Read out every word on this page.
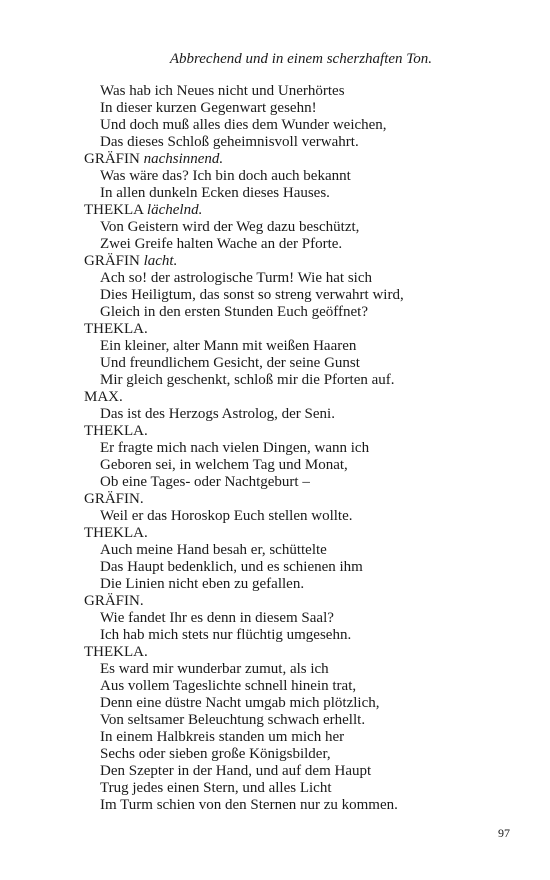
Abbrechend und in einem scherzhaften Ton.

Was hab ich Neues nicht und Unerhörtes

In dieser kurzen Gegenwart gesehn!

Und doch muß alles dies dem Wunder weichen,

Das dieses Schloß geheimnisvoll verwahrt.

GRÄFIN nachsinnend.

Was wäre das? Ich bin doch auch bekannt

In allen dunkeln Ecken dieses Hauses.

THEKLA lächelnd.

Von Geistern wird der Weg dazu beschützt,

Zwei Greife halten Wache an der Pforte.

GRÄFIN lacht.

Ach so! der astrologische Turm! Wie hat sich

Dies Heiligtum, das sonst so streng verwahrt wird,

Gleich in den ersten Stunden Euch geöffnet?

THEKLA.

Ein kleiner, alter Mann mit weißen Haaren

Und freundlichem Gesicht, der seine Gunst

Mir gleich geschenkt, schloß mir die Pforten auf.

MAX.

Das ist des Herzogs Astrolog, der Seni.

THEKLA.

Er fragte mich nach vielen Dingen, wann ich

Geboren sei, in welchem Tag und Monat,

Ob eine Tages- oder Nachtgeburt –

GRÄFIN.

Weil er das Horoskop Euch stellen wollte.

THEKLA.

Auch meine Hand besah er, schüttelte

Das Haupt bedenklich, und es schienen ihm

Die Linien nicht eben zu gefallen.

GRÄFIN.

Wie fandet Ihr es denn in diesem Saal?

Ich hab mich stets nur flüchtig umgesehn.

THEKLA.

Es ward mir wunderbar zumut, als ich

Aus vollem Tageslichte schnell hinein trat,

Denn eine düstre Nacht umgab mich plötzlich,

Von seltsamer Beleuchtung schwach erhellt.

In einem Halbkreis standen um mich her

Sechs oder sieben große Königsbilder,

Den Szepter in der Hand, und auf dem Haupt

Trug jedes einen Stern, und alles Licht

Im Turm schien von den Sternen nur zu kommen.

97
